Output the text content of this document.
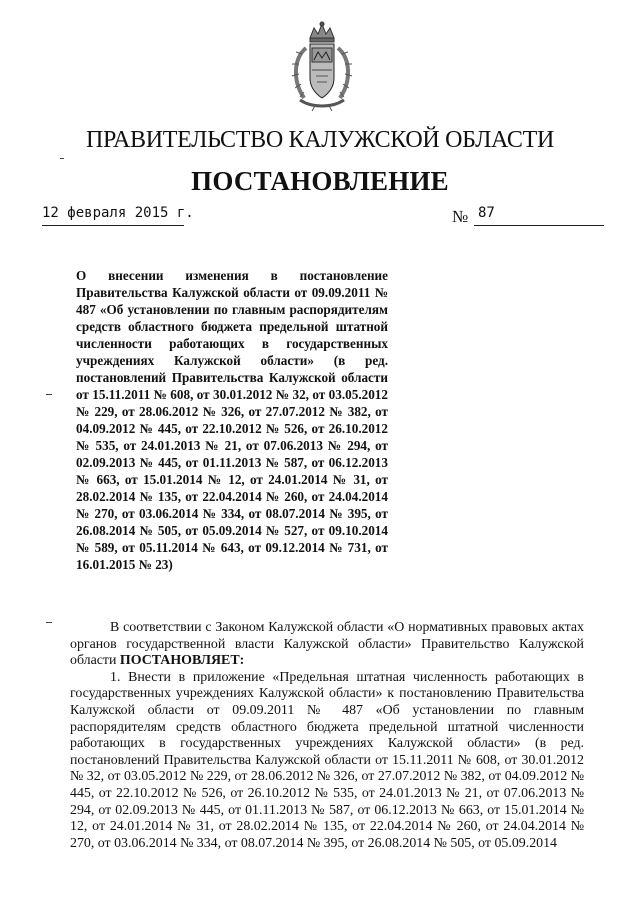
ПРАВИТЕЛЬСТВО КАЛУЖСКОЙ ОБЛАСТИ
ПОСТАНОВЛЕНИЕ
12 февраля 2015 г.	№ 87
О внесении изменения в постановление Правительства Калужской области от 09.09.2011 № 487 «Об установлении по главным распорядителям средств областного бюджета предельной штатной численности работающих в государственных учреждениях Калужской области» (в ред. постановлений Правительства Калужской области от 15.11.2011 № 608, от 30.01.2012 № 32, от 03.05.2012 № 229, от 28.06.2012 № 326, от 27.07.2012 № 382, от 04.09.2012 № 445, от 22.10.2012 № 526, от 26.10.2012 № 535, от 24.01.2013 № 21, от 07.06.2013 № 294, от 02.09.2013 № 445, от 01.11.2013 № 587, от 06.12.2013 № 663, от 15.01.2014 № 12, от 24.01.2014 № 31, от 28.02.2014 № 135, от 22.04.2014 № 260, от 24.04.2014 № 270, от 03.06.2014 № 334, от 08.07.2014 № 395, от 26.08.2014 № 505, от 05.09.2014 № 527, от 09.10.2014 № 589, от 05.11.2014 № 643, от 09.12.2014 № 731, от 16.01.2015 № 23)

В соответствии с Законом Калужской области «О нормативных правовых актах органов государственной власти Калужской области» Правительство Калужской области ПОСТАНОВЛЯЕТ:

1. Внести в приложение «Предельная штатная численность работающих в государственных учреждениях Калужской области» к постановлению Правительства Калужской области от 09.09.2011 № 487 «Об установлении по главным распорядителям средств областного бюджета предельной штатной численности работающих в государственных учреждениях Калужской области» (в ред. постановлений Правительства Калужской области от 15.11.2011 № 608, от 30.01.2012 № 32, от 03.05.2012 № 229, от 28.06.2012 № 326, от 27.07.2012 № 382, от 04.09.2012 № 445, от 22.10.2012 № 526, от 26.10.2012 № 535, от 24.01.2013 № 21, от 07.06.2013 № 294, от 02.09.2013 № 445, от 01.11.2013 № 587, от 06.12.2013 № 663, от 15.01.2014 № 12, от 24.01.2014 № 31, от 28.02.2014 № 135, от 22.04.2014 № 260, от 24.04.2014 № 270, от 03.06.2014 № 334, от 08.07.2014 № 395, от 26.08.2014 № 505, от 05.09.2014
